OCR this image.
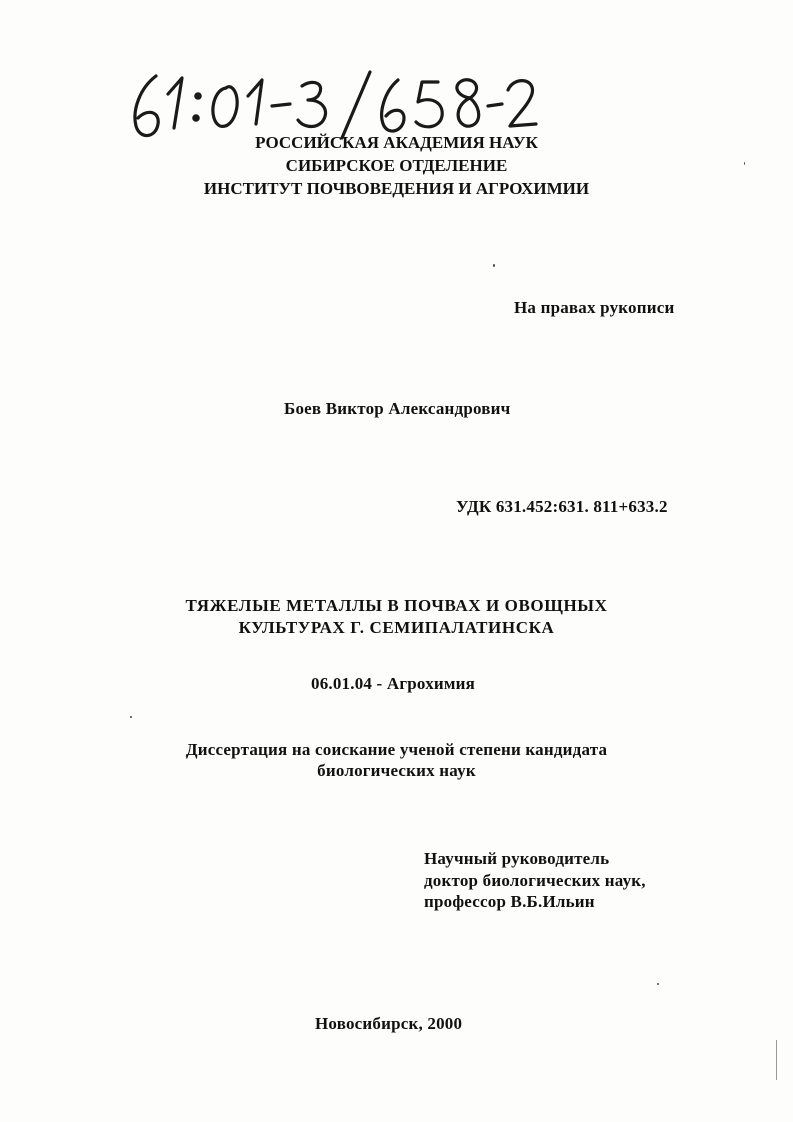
РОССИЙСКАЯ АКАДЕМИЯ НАУК
СИБИРСКОЕ ОТДЕЛЕНИЕ
ИНСТИТУТ ПОЧВОВЕДЕНИЯ И АГРОХИМИИ
На правах рукописи
Боев Виктор Александрович
УДК 631.452:631. 811+633.2
ТЯЖЕЛЫЕ МЕТАЛЛЫ В ПОЧВАХ И ОВОЩНЫХ
КУЛЬТУРАХ Г. СЕМИПАЛАТИНСКА
06.01.04 - Агрохимия
Диссертация на соискание ученой степени кандидата
биологических наук
Научный руководитель
доктор биологических наук,
профессор В.Б.Ильин
Новосибирск, 2000
